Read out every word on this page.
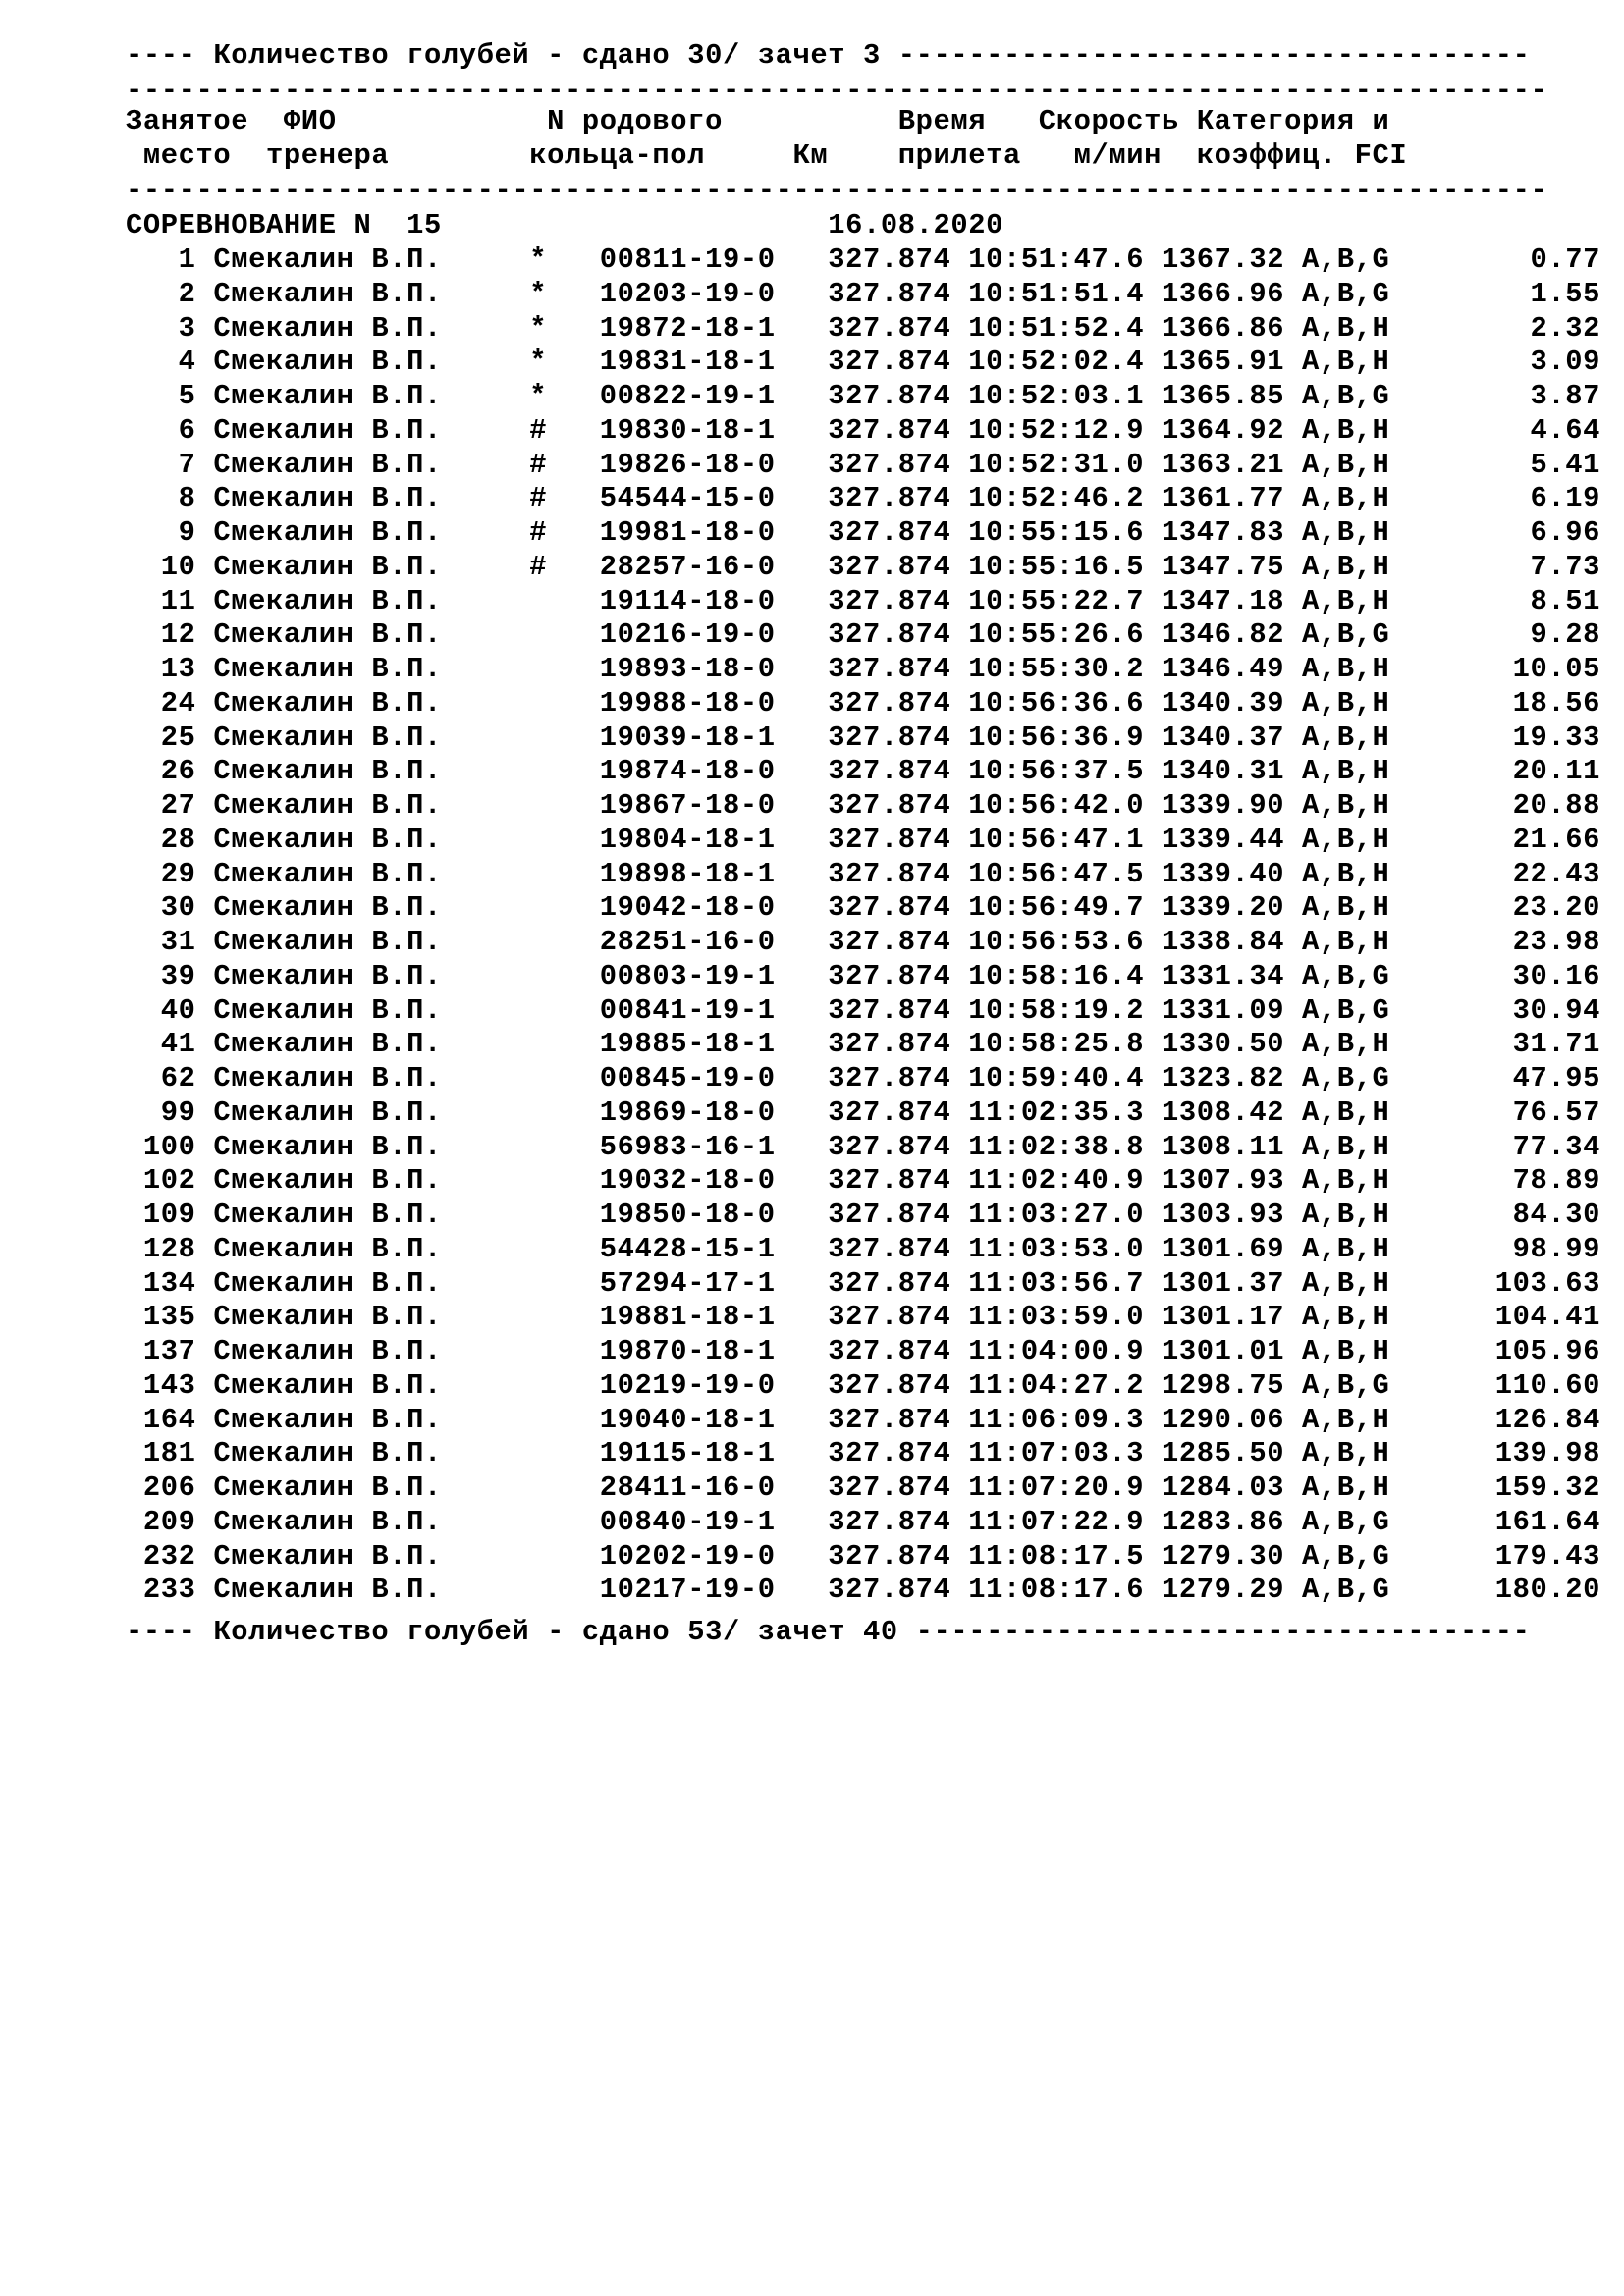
---- Количество голубей - сдано 30/ зачет 3 ------------------------------------
---------------------------------------------------------------------------------
Занятое  ФИО            N родового          Время   Скорость Категория и
место  тренера        кольца-пол     Км    прилета   м/мин  коэффиц. FCI
---------------------------------------------------------------------------------
СОРЕВНОВАНИЕ N  15                      16.08.2020
1 Смекалин В.П.     *   00811-19-0   327.874 10:51:47.6 1367.32 A,B,G        0.77
2 Смекалин В.П.     *   10203-19-0   327.874 10:51:51.4 1366.96 A,B,G        1.55
3 Смекалин В.П.     *   19872-18-1   327.874 10:51:52.4 1366.86 A,B,H        2.32
4 Смекалин В.П.     *   19831-18-1   327.874 10:52:02.4 1365.91 A,B,H        3.09
5 Смекалин В.П.     *   00822-19-1   327.874 10:52:03.1 1365.85 A,B,G        3.87
6 Смекалин В.П.     #   19830-18-1   327.874 10:52:12.9 1364.92 A,B,H        4.64
7 Смекалин В.П.     #   19826-18-0   327.874 10:52:31.0 1363.21 A,B,H        5.41
8 Смекалин В.П.     #   54544-15-0   327.874 10:52:46.2 1361.77 A,B,H        6.19
9 Смекалин В.П.     #   19981-18-0   327.874 10:55:15.6 1347.83 A,B,H        6.96
10 Смекалин В.П.     #   28257-16-0   327.874 10:55:16.5 1347.75 A,B,H        7.73
11 Смекалин В.П.         19114-18-0   327.874 10:55:22.7 1347.18 A,B,H        8.51
12 Смекалин В.П.         10216-19-0   327.874 10:55:26.6 1346.82 A,B,G        9.28
13 Смекалин В.П.         19893-18-0   327.874 10:55:30.2 1346.49 A,B,H       10.05
24 Смекалин В.П.         19988-18-0   327.874 10:56:36.6 1340.39 A,B,H       18.56
25 Смекалин В.П.         19039-18-1   327.874 10:56:36.9 1340.37 A,B,H       19.33
26 Смекалин В.П.         19874-18-0   327.874 10:56:37.5 1340.31 A,B,H       20.11
27 Смекалин В.П.         19867-18-0   327.874 10:56:42.0 1339.90 A,B,H       20.88
28 Смекалин В.П.         19804-18-1   327.874 10:56:47.1 1339.44 A,B,H       21.66
29 Смекалин В.П.         19898-18-1   327.874 10:56:47.5 1339.40 A,B,H       22.43
30 Смекалин В.П.         19042-18-0   327.874 10:56:49.7 1339.20 A,B,H       23.20
31 Смекалин В.П.         28251-16-0   327.874 10:56:53.6 1338.84 A,B,H       23.98
39 Смекалин В.П.         00803-19-1   327.874 10:58:16.4 1331.34 A,B,G       30.16
40 Смекалин В.П.         00841-19-1   327.874 10:58:19.2 1331.09 A,B,G       30.94
41 Смекалин В.П.         19885-18-1   327.874 10:58:25.8 1330.50 A,B,H       31.71
62 Смекалин В.П.         00845-19-0   327.874 10:59:40.4 1323.82 A,B,G       47.95
99 Смекалин В.П.         19869-18-0   327.874 11:02:35.3 1308.42 A,B,H       76.57
100 Смекалин В.П.         56983-16-1   327.874 11:02:38.8 1308.11 A,B,H       77.34
102 Смекалин В.П.         19032-18-0   327.874 11:02:40.9 1307.93 A,B,H       78.89
109 Смекалин В.П.         19850-18-0   327.874 11:03:27.0 1303.93 A,B,H       84.30
128 Смекалин В.П.         54428-15-1   327.874 11:03:53.0 1301.69 A,B,H       98.99
134 Смекалин В.П.         57294-17-1   327.874 11:03:56.7 1301.37 A,B,H      103.63
135 Смекалин В.П.         19881-18-1   327.874 11:03:59.0 1301.17 A,B,H      104.41
137 Смекалин В.П.         19870-18-1   327.874 11:04:00.9 1301.01 A,B,H      105.96
143 Смекалин В.П.         10219-19-0   327.874 11:04:27.2 1298.75 A,B,G      110.60
164 Смекалин В.П.         19040-18-1   327.874 11:06:09.3 1290.06 A,B,H      126.84
181 Смекалин В.П.         19115-18-1   327.874 11:07:03.3 1285.50 A,B,H      139.98
206 Смекалин В.П.         28411-16-0   327.874 11:07:20.9 1284.03 A,B,H      159.32
209 Смекалин В.П.         00840-19-1   327.874 11:07:22.9 1283.86 A,B,G      161.64
232 Смекалин В.П.         10202-19-0   327.874 11:08:17.5 1279.30 A,B,G      179.43
233 Смекалин В.П.         10217-19-0   327.874 11:08:17.6 1279.29 A,B,G      180.20
---- Количество голубей - сдано 53/ зачет 40 -----------------------------------
